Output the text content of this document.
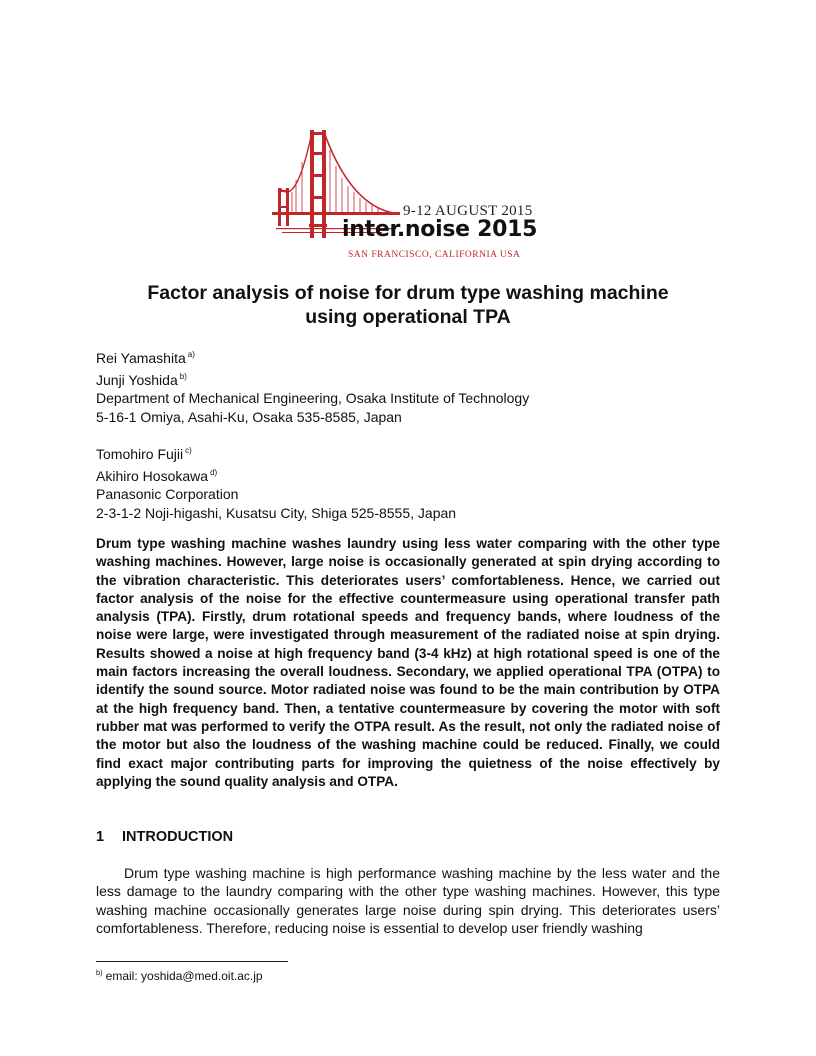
9-12 AUGUST 2015
inter.noise 2015
SAN FRANCISCO, CALIFORNIA USA
Factor analysis of noise for drum type washing machine
using operational TPA
Rei Yamashita $^{a)}$
Junji Yoshida $^{b)}$
Department of Mechanical Engineering, Osaka Institute of Technology
5-16-1 Omiya, Asahi-Ku, Osaka 535-8585, Japan
Tomohiro Fujii $^{c)}$
Akihiro Hosokawa $^{d)}$
Panasonic Corporation
2-3-1-2 Noji-higashi, Kusatsu City, Shiga 525-8555, Japan
Drum type washing machine washes laundry using less water comparing with the other type washing machines. However, large noise is occasionally generated at spin drying according to the vibration characteristic. This deteriorates users’ comfortableness. Hence, we carried out factor analysis of the noise for the effective countermeasure using operational transfer path analysis (TPA). Firstly, drum rotational speeds and frequency bands, where loudness of the noise were large, were investigated through measurement of the radiated noise at spin drying. Results showed a noise at high frequency band (3-4 kHz) at high rotational speed is one of the main factors increasing the overall loudness. Secondary, we applied operational TPA (OTPA) to identify the sound source. Motor radiated noise was found to be the main contribution by OTPA at the high frequency band. Then, a tentative countermeasure by covering the motor with soft rubber mat was performed to verify the OTPA result. As the result, not only the radiated noise of the motor but also the loudness of the washing machine could be reduced. Finally, we could find exact major contributing parts for improving the quietness of the noise effectively by applying the sound quality analysis and OTPA.
1 INTRODUCTION
Drum type washing machine is high performance washing machine by the less water and the less damage to the laundry comparing with the other type washing machines. However, this type washing machine occasionally generates large noise during spin drying. This deteriorates users’ comfortableness. Therefore, reducing noise is essential to develop user friendly washing
$^{b)}$ email: yoshida@med.oit.ac.jp
